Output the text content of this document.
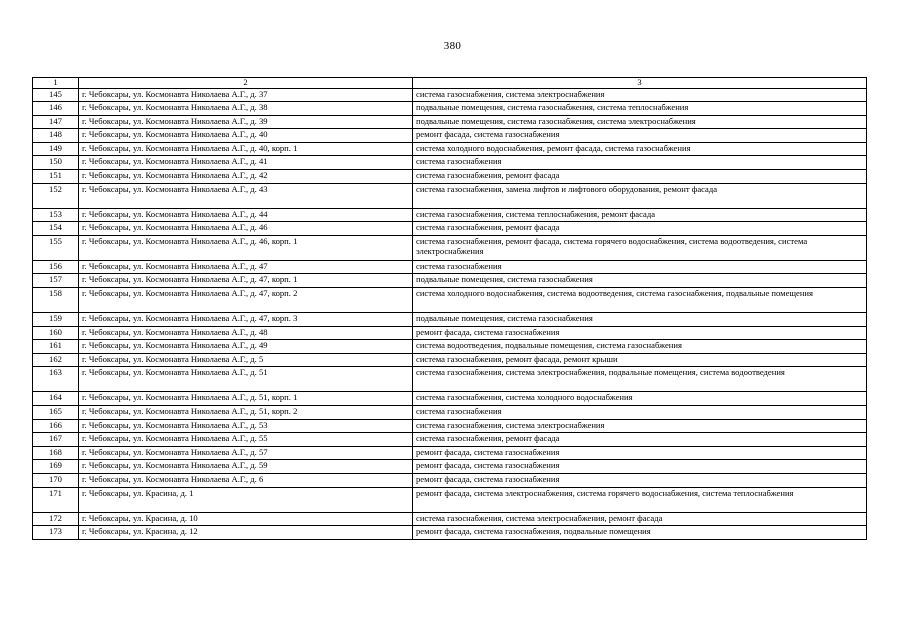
380
1	2	3
145	г. Чебоксары, ул. Космонавта Николаева А.Г., д. 37	система газоснабжения, система электроснабжения
146	г. Чебоксары, ул. Космонавта Николаева А.Г., д. 38	подвальные помещения, система газоснабжения, система теплоснабжения
147	г. Чебоксары, ул. Космонавта Николаева А.Г., д. 39	подвальные помещения, система газоснабжения, система электроснабжения
148	г. Чебоксары, ул. Космонавта Николаева А.Г., д. 40	ремонт фасада, система газоснабжения
149	г. Чебоксары, ул. Космонавта Николаева А.Г., д. 40, корп. 1	система холодного водоснабжения, ремонт фасада, система газоснабжения
150	г. Чебоксары, ул. Космонавта Николаева А.Г., д. 41	система газоснабжения
151	г. Чебоксары, ул. Космонавта Николаева А.Г., д. 42	система газоснабжения, ремонт фасада
152	г. Чебоксары, ул. Космонавта Николаева А.Г., д. 43	система газоснабжения, замена лифтов и лифтового оборудования, ремонт фасада
153	г. Чебоксары, ул. Космонавта Николаева А.Г., д. 44	система газоснабжения, система теплоснабжения, ремонт фасада
154	г. Чебоксары, ул. Космонавта Николаева А.Г., д. 46	система газоснабжения, ремонт фасада
155	г. Чебоксары, ул. Космонавта Николаева А.Г., д. 46, корп. 1	система газоснабжения, ремонт фасада, система горячего водоснабжения, система водоотведения, система электроснабжения
156	г. Чебоксары, ул. Космонавта Николаева А.Г., д. 47	система газоснабжения
157	г. Чебоксары, ул. Космонавта Николаева А.Г., д. 47, корп. 1	подвальные помещения, система газоснабжения
158	г. Чебоксары, ул. Космонавта Николаева А.Г., д. 47, корп. 2	система холодного водоснабжения, система водоотведения, система газоснабжения, подвальные помещения
159	г. Чебоксары, ул. Космонавта Николаева А.Г., д. 47, корп. 3	подвальные помещения, система газоснабжения
160	г. Чебоксары, ул. Космонавта Николаева А.Г., д. 48	ремонт фасада, система газоснабжения
161	г. Чебоксары, ул. Космонавта Николаева А.Г., д. 49	система водоотведения, подвальные помещения, система газоснабжения
162	г. Чебоксары, ул. Космонавта Николаева А.Г., д. 5	система газоснабжения, ремонт фасада, ремонт крыши
163	г. Чебоксары, ул. Космонавта Николаева А.Г., д. 51	система газоснабжения, система электроснабжения, подвальные помещения, система водоотведения
164	г. Чебоксары, ул. Космонавта Николаева А.Г., д. 51, корп. 1	система газоснабжения, система холодного водоснабжения
165	г. Чебоксары, ул. Космонавта Николаева А.Г., д. 51, корп. 2	система газоснабжения
166	г. Чебоксары, ул. Космонавта Николаева А.Г., д. 53	система газоснабжения, система электроснабжения
167	г. Чебоксары, ул. Космонавта Николаева А.Г., д. 55	система газоснабжения, ремонт фасада
168	г. Чебоксары, ул. Космонавта Николаева А.Г., д. 57	ремонт фасада, система газоснабжения
169	г. Чебоксары, ул. Космонавта Николаева А.Г., д. 59	ремонт фасада, система газоснабжения
170	г. Чебоксары, ул. Космонавта Николаева А.Г., д. 6	ремонт фасада, система газоснабжения
171	г. Чебоксары, ул. Красина, д. 1	ремонт фасада, система электроснабжения, система горячего водоснабжения, система теплоснабжения
172	г. Чебоксары, ул. Красина, д. 10	система газоснабжения, система электроснабжения, ремонт фасада
173	г. Чебоксары, ул. Красина, д. 12	ремонт фасада, система газоснабжения, подвальные помещения
